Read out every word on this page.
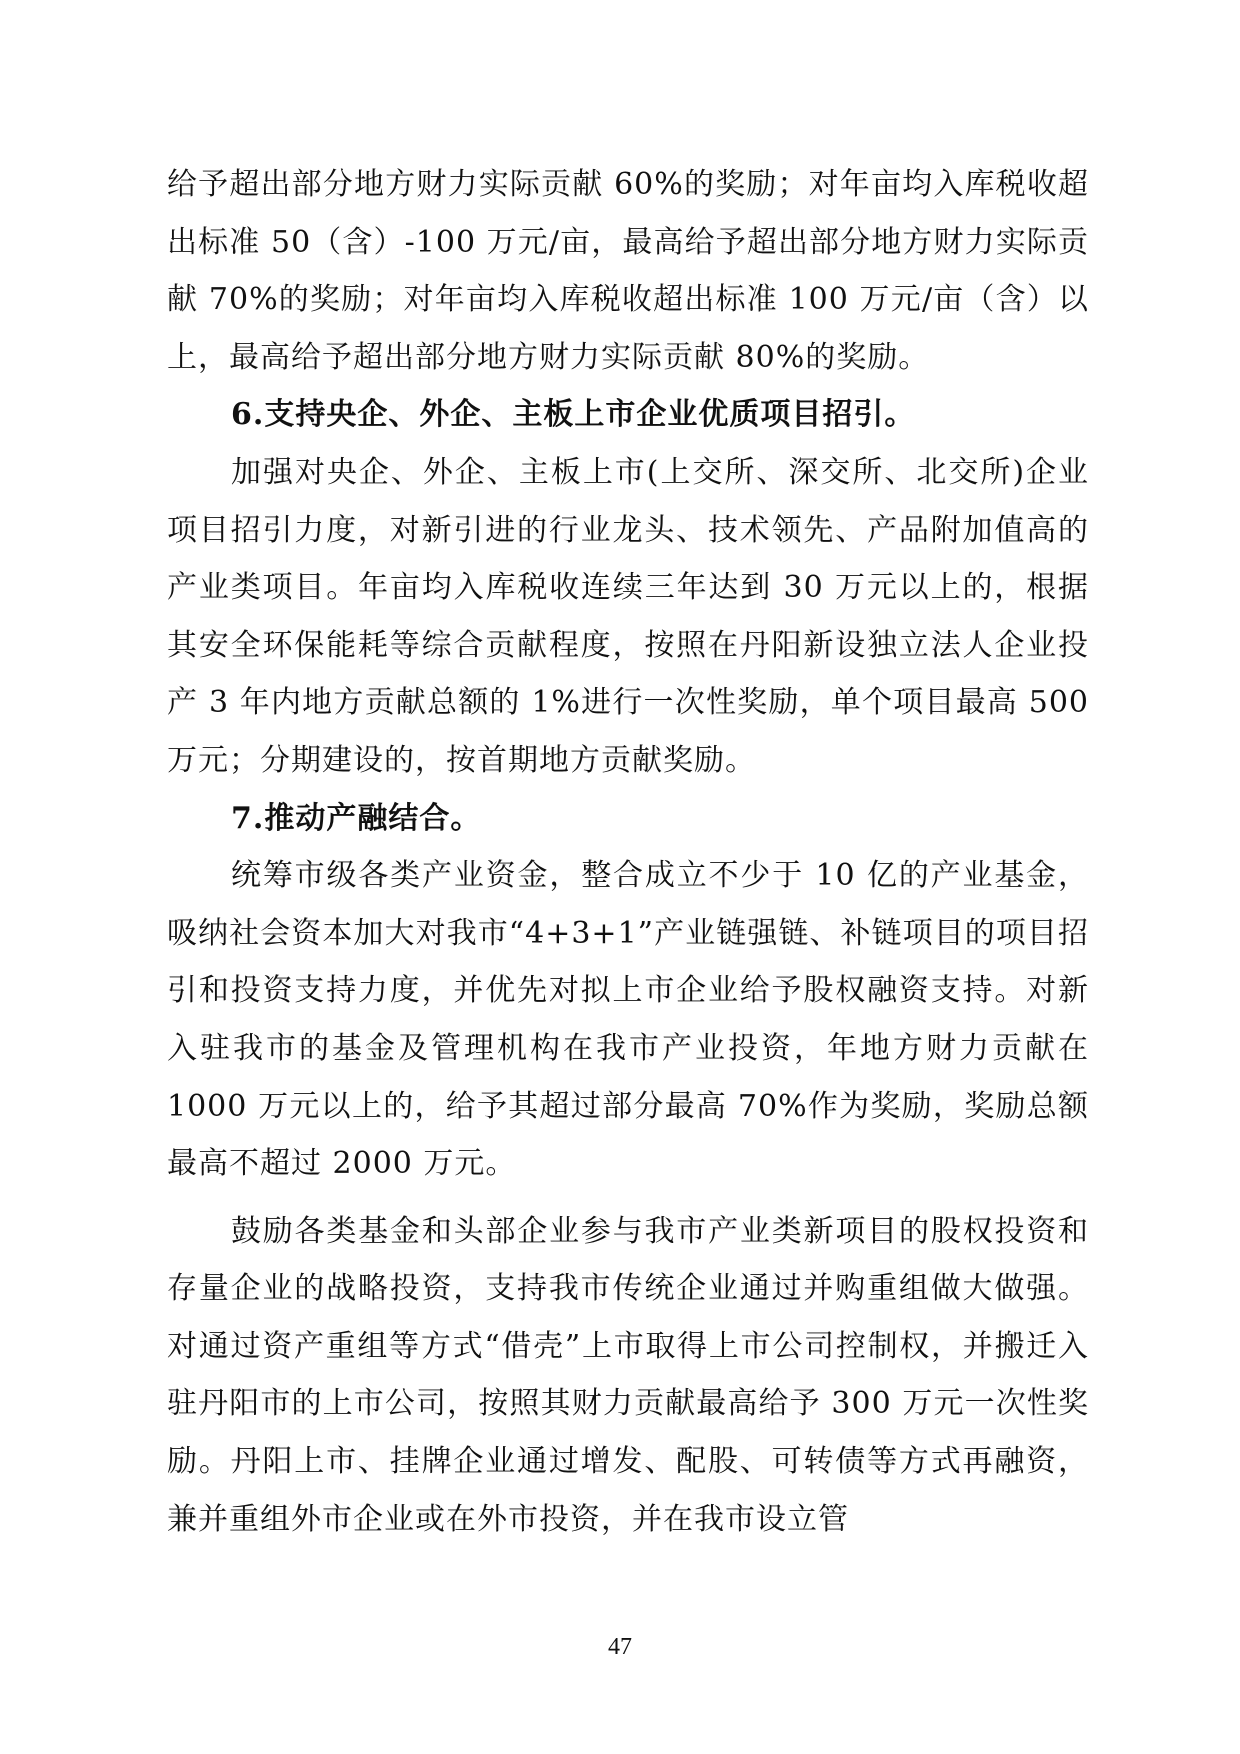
给予超出部分地方财力实际贡献 60%的奖励；对年亩均入库税收超出标准 50（含）-100 万元/亩，最高给予超出部分地方财力实际贡献 70%的奖励；对年亩均入库税收超出标准 100 万元/亩（含）以上，最高给予超出部分地方财力实际贡献 80%的奖励。

6.支持央企、外企、主板上市企业优质项目招引。

加强对央企、外企、主板上市(上交所、深交所、北交所)企业项目招引力度，对新引进的行业龙头、技术领先、产品附加值高的产业类项目。年亩均入库税收连续三年达到 30 万元以上的，根据其安全环保能耗等综合贡献程度，按照在丹阳新设独立法人企业投产 3 年内地方贡献总额的 1%进行一次性奖励，单个项目最高 500 万元；分期建设的，按首期地方贡献奖励。

7.推动产融结合。

统筹市级各类产业资金，整合成立不少于 10 亿的产业基金，吸纳社会资本加大对我市“4+3+1”产业链强链、补链项目的项目招引和投资支持力度，并优先对拟上市企业给予股权融资支持。对新入驻我市的基金及管理机构在我市产业投资，年地方财力贡献在 1000 万元以上的，给予其超过部分最高 70%作为奖励，奖励总额最高不超过 2000 万元。

鼓励各类基金和头部企业参与我市产业类新项目的股权投资和存量企业的战略投资，支持我市传统企业通过并购重组做大做强。对通过资产重组等方式“借壳”上市取得上市公司控制权，并搬迁入驻丹阳市的上市公司，按照其财力贡献最高给予 300 万元一次性奖励。丹阳上市、挂牌企业通过增发、配股、可转债等方式再融资，兼并重组外市企业或在外市投资，并在我市设立管

47
